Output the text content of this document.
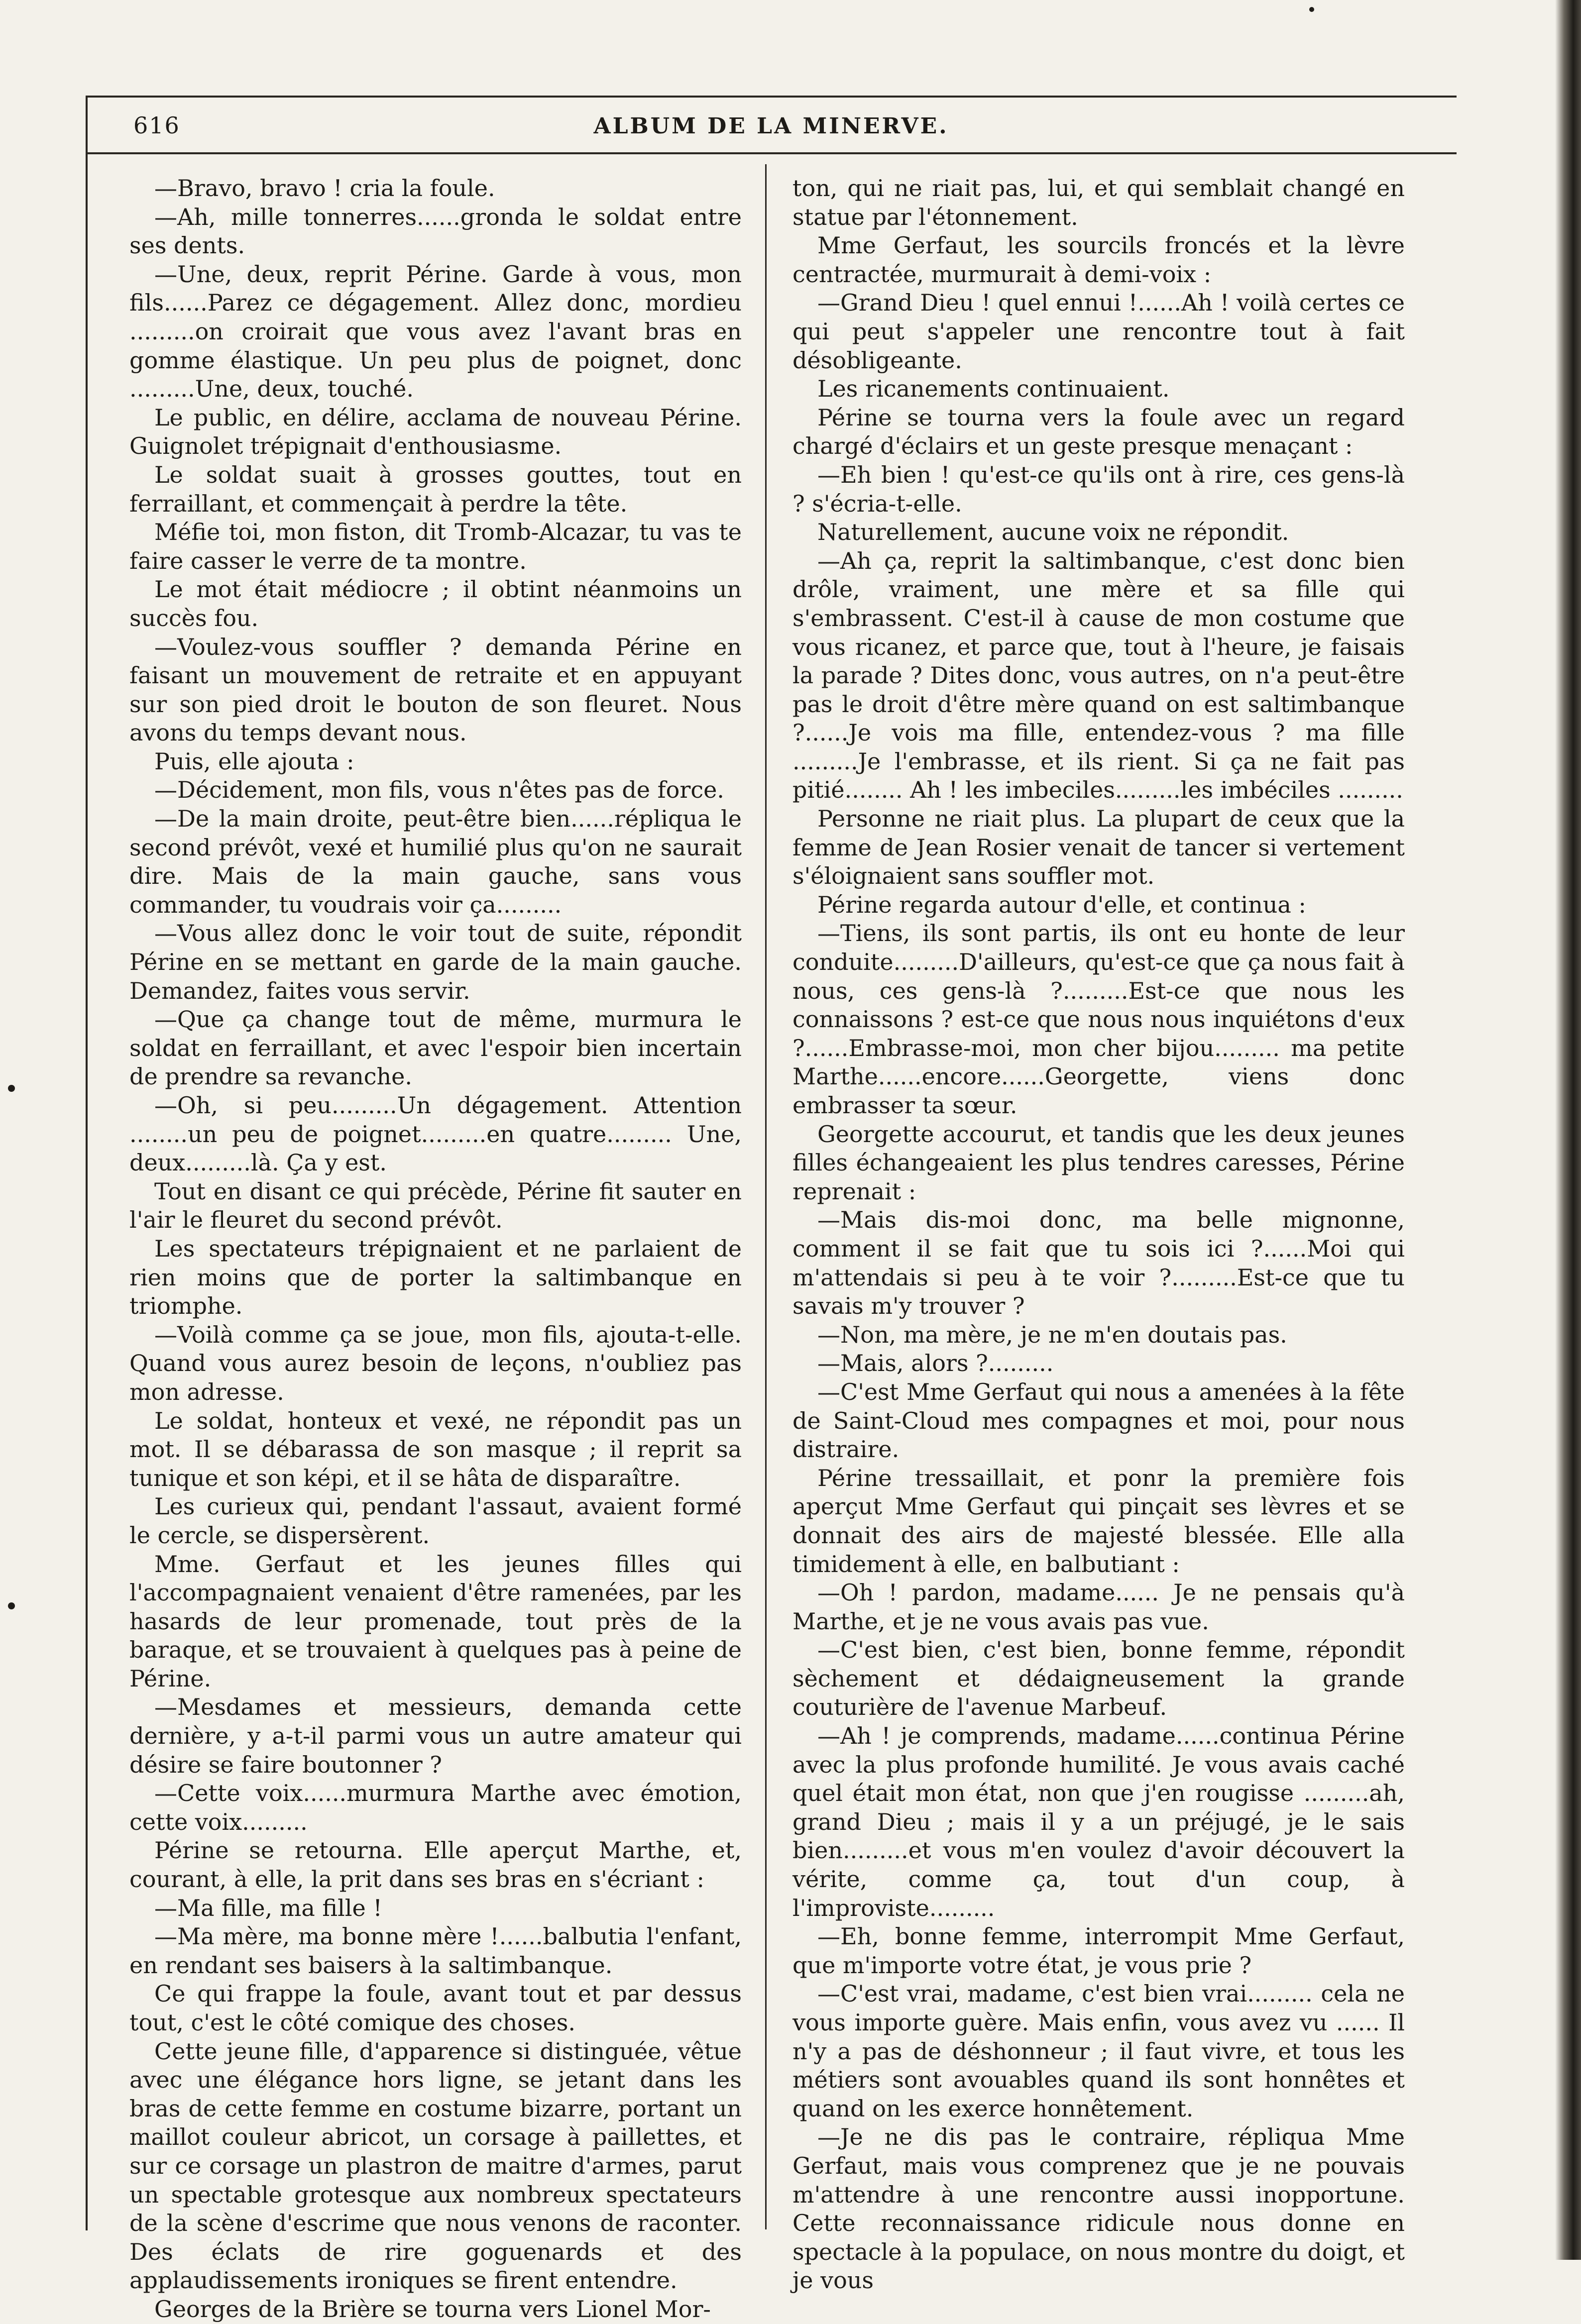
616	ALBUM DE LA MINERVE.

—Bravo, bravo ! cria la foule.

—Ah, mille tonnerres......gronda le soldat entre ses dents.

—Une, deux, reprit Périne. Garde à vous, mon fils......Parez ce dégagement. Allez donc, mordieu .........on croirait que vous avez l'avant bras en gomme élastique. Un peu plus de poignet, donc .........Une, deux, touché.

Le public, en délire, acclama de nouveau Périne. Guignolet trépignait d'enthousiasme.

Le soldat suait à grosses gouttes, tout en ferraillant, et commençait à perdre la tête.

Méfie toi, mon fiston, dit Tromb-Alcazar, tu vas te faire casser le verre de ta montre.

Le mot était médiocre ; il obtint néanmoins un succès fou.

—Voulez-vous souffler ? demanda Périne en faisant un mouvement de retraite et en appuyant sur son pied droit le bouton de son fleuret. Nous avons du temps devant nous.

Puis, elle ajouta :

—Décidement, mon fils, vous n'êtes pas de force.

—De la main droite, peut-être bien......répliqua le second prévôt, vexé et humilié plus qu'on ne saurait dire. Mais de la main gauche, sans vous commander, tu voudrais voir ça.........

—Vous allez donc le voir tout de suite, répondit Périne en se mettant en garde de la main gauche. Demandez, faites vous servir.

—Que ça change tout de même, murmura le soldat en ferraillant, et avec l'espoir bien incertain de prendre sa revanche.

—Oh, si peu.........Un dégagement. Attention ........un peu de poignet.........en quatre......... Une, deux.........là. Ça y est.

Tout en disant ce qui précède, Périne fit sauter en l'air le fleuret du second prévôt.

Les spectateurs trépignaient et ne parlaient de rien moins que de porter la saltimbanque en triomphe.

—Voilà comme ça se joue, mon fils, ajouta-t-elle. Quand vous aurez besoin de leçons, n'oubliez pas mon adresse.

Le soldat, honteux et vexé, ne répondit pas un mot. Il se débarassa de son masque ; il reprit sa tunique et son képi, et il se hâta de disparaître.

Les curieux qui, pendant l'assaut, avaient formé le cercle, se dispersèrent.

Mme. Gerfaut et les jeunes filles qui l'accompagnaient venaient d'être ramenées, par les hasards de leur promenade, tout près de la baraque, et se trouvaient à quelques pas à peine de Périne.

—Mesdames et messieurs, demanda cette dernière, y a-t-il parmi vous un autre amateur qui désire se faire boutonner ?

—Cette voix......murmura Marthe avec émotion, cette voix.........

Périne se retourna. Elle aperçut Marthe, et, courant, à elle, la prit dans ses bras en s'écriant :

—Ma fille, ma fille !

—Ma mère, ma bonne mère !......balbutia l'enfant, en rendant ses baisers à la saltimbanque.

Ce qui frappe la foule, avant tout et par dessus tout, c'est le côté comique des choses.

Cette jeune fille, d'apparence si distinguée, vêtue avec une élégance hors ligne, se jetant dans les bras de cette femme en costume bizarre, portant un maillot couleur abricot, un corsage à paillettes, et sur ce corsage un plastron de maitre d'armes, parut un spectable grotesque aux nombreux spectateurs de la scène d'escrime que nous venons de raconter. Des éclats de rire goguenards et des applaudissements ironiques se firent entendre.

Georges de la Brière se tourna vers Lionel Mor-

ton, qui ne riait pas, lui, et qui semblait changé en statue par l'étonnement.

Mme Gerfaut, les sourcils froncés et la lèvre centractée, murmurait à demi-voix :

—Grand Dieu ! quel ennui !......Ah ! voilà certes ce qui peut s'appeler une rencontre tout à fait désobligeante.

Les ricanements continuaient.

Périne se tourna vers la foule avec un regard chargé d'éclairs et un geste presque menaçant :

—Eh bien ! qu'est-ce qu'ils ont à rire, ces gens-là ? s'écria-t-elle.

Naturellement, aucune voix ne répondit.

—Ah ça, reprit la saltimbanque, c'est donc bien drôle, vraiment, une mère et sa fille qui s'embrassent. C'est-il à cause de mon costume que vous ricanez, et parce que, tout à l'heure, je faisais la parade ? Dites donc, vous autres, on n'a peut-être pas le droit d'être mère quand on est saltimbanque ?......Je vois ma fille, entendez-vous ? ma fille .........Je l'embrasse, et ils rient. Si ça ne fait pas pitié........ Ah ! les imbeciles.........les imbéciles .........

Personne ne riait plus. La plupart de ceux que la femme de Jean Rosier venait de tancer si vertement s'éloignaient sans souffler mot.

Périne regarda autour d'elle, et continua :

—Tiens, ils sont partis, ils ont eu honte de leur conduite.........D'ailleurs, qu'est-ce que ça nous fait à nous, ces gens-là ?.........Est-ce que nous les connaissons ? est-ce que nous nous inquiétons d'eux ?......Embrasse-moi, mon cher bijou......... ma petite Marthe......encore......Georgette, viens donc embrasser ta sœur.

Georgette accourut, et tandis que les deux jeunes filles échangeaient les plus tendres caresses, Périne reprenait :

—Mais dis-moi donc, ma belle mignonne, comment il se fait que tu sois ici ?......Moi qui m'attendais si peu à te voir ?.........Est-ce que tu savais m'y trouver ?

—Non, ma mère, je ne m'en doutais pas.

—Mais, alors ?.........

—C'est Mme Gerfaut qui nous a amenées à la fête de Saint-Cloud mes compagnes et moi, pour nous distraire.

Périne tressaillait, et ponr la première fois aperçut Mme Gerfaut qui pinçait ses lèvres et se donnait des airs de majesté blessée. Elle alla timidement à elle, en balbutiant :

—Oh ! pardon, madame...... Je ne pensais qu'à Marthe, et je ne vous avais pas vue.

—C'est bien, c'est bien, bonne femme, répondit sèchement et dédaigneusement la grande couturière de l'avenue Marbeuf.

—Ah ! je comprends, madame......continua Périne avec la plus profonde humilité. Je vous avais caché quel était mon état, non que j'en rougisse .........ah, grand Dieu ; mais il y a un préjugé, je le sais bien.........et vous m'en voulez d'avoir découvert la vérite, comme ça, tout d'un coup, à l'improviste.........

—Eh, bonne femme, interrompit Mme Gerfaut, que m'importe votre état, je vous prie ?

—C'est vrai, madame, c'est bien vrai......... cela ne vous importe guère. Mais enfin, vous avez vu ...... Il n'y a pas de déshonneur ; il faut vivre, et tous les métiers sont avouables quand ils sont honnêtes et quand on les exerce honnêtement.

—Je ne dis pas le contraire, répliqua Mme Gerfaut, mais vous comprenez que je ne pouvais m'attendre à une rencontre aussi inopportune. Cette reconnaissance ridicule nous donne en spectacle à la populace, on nous montre du doigt, et je vous
